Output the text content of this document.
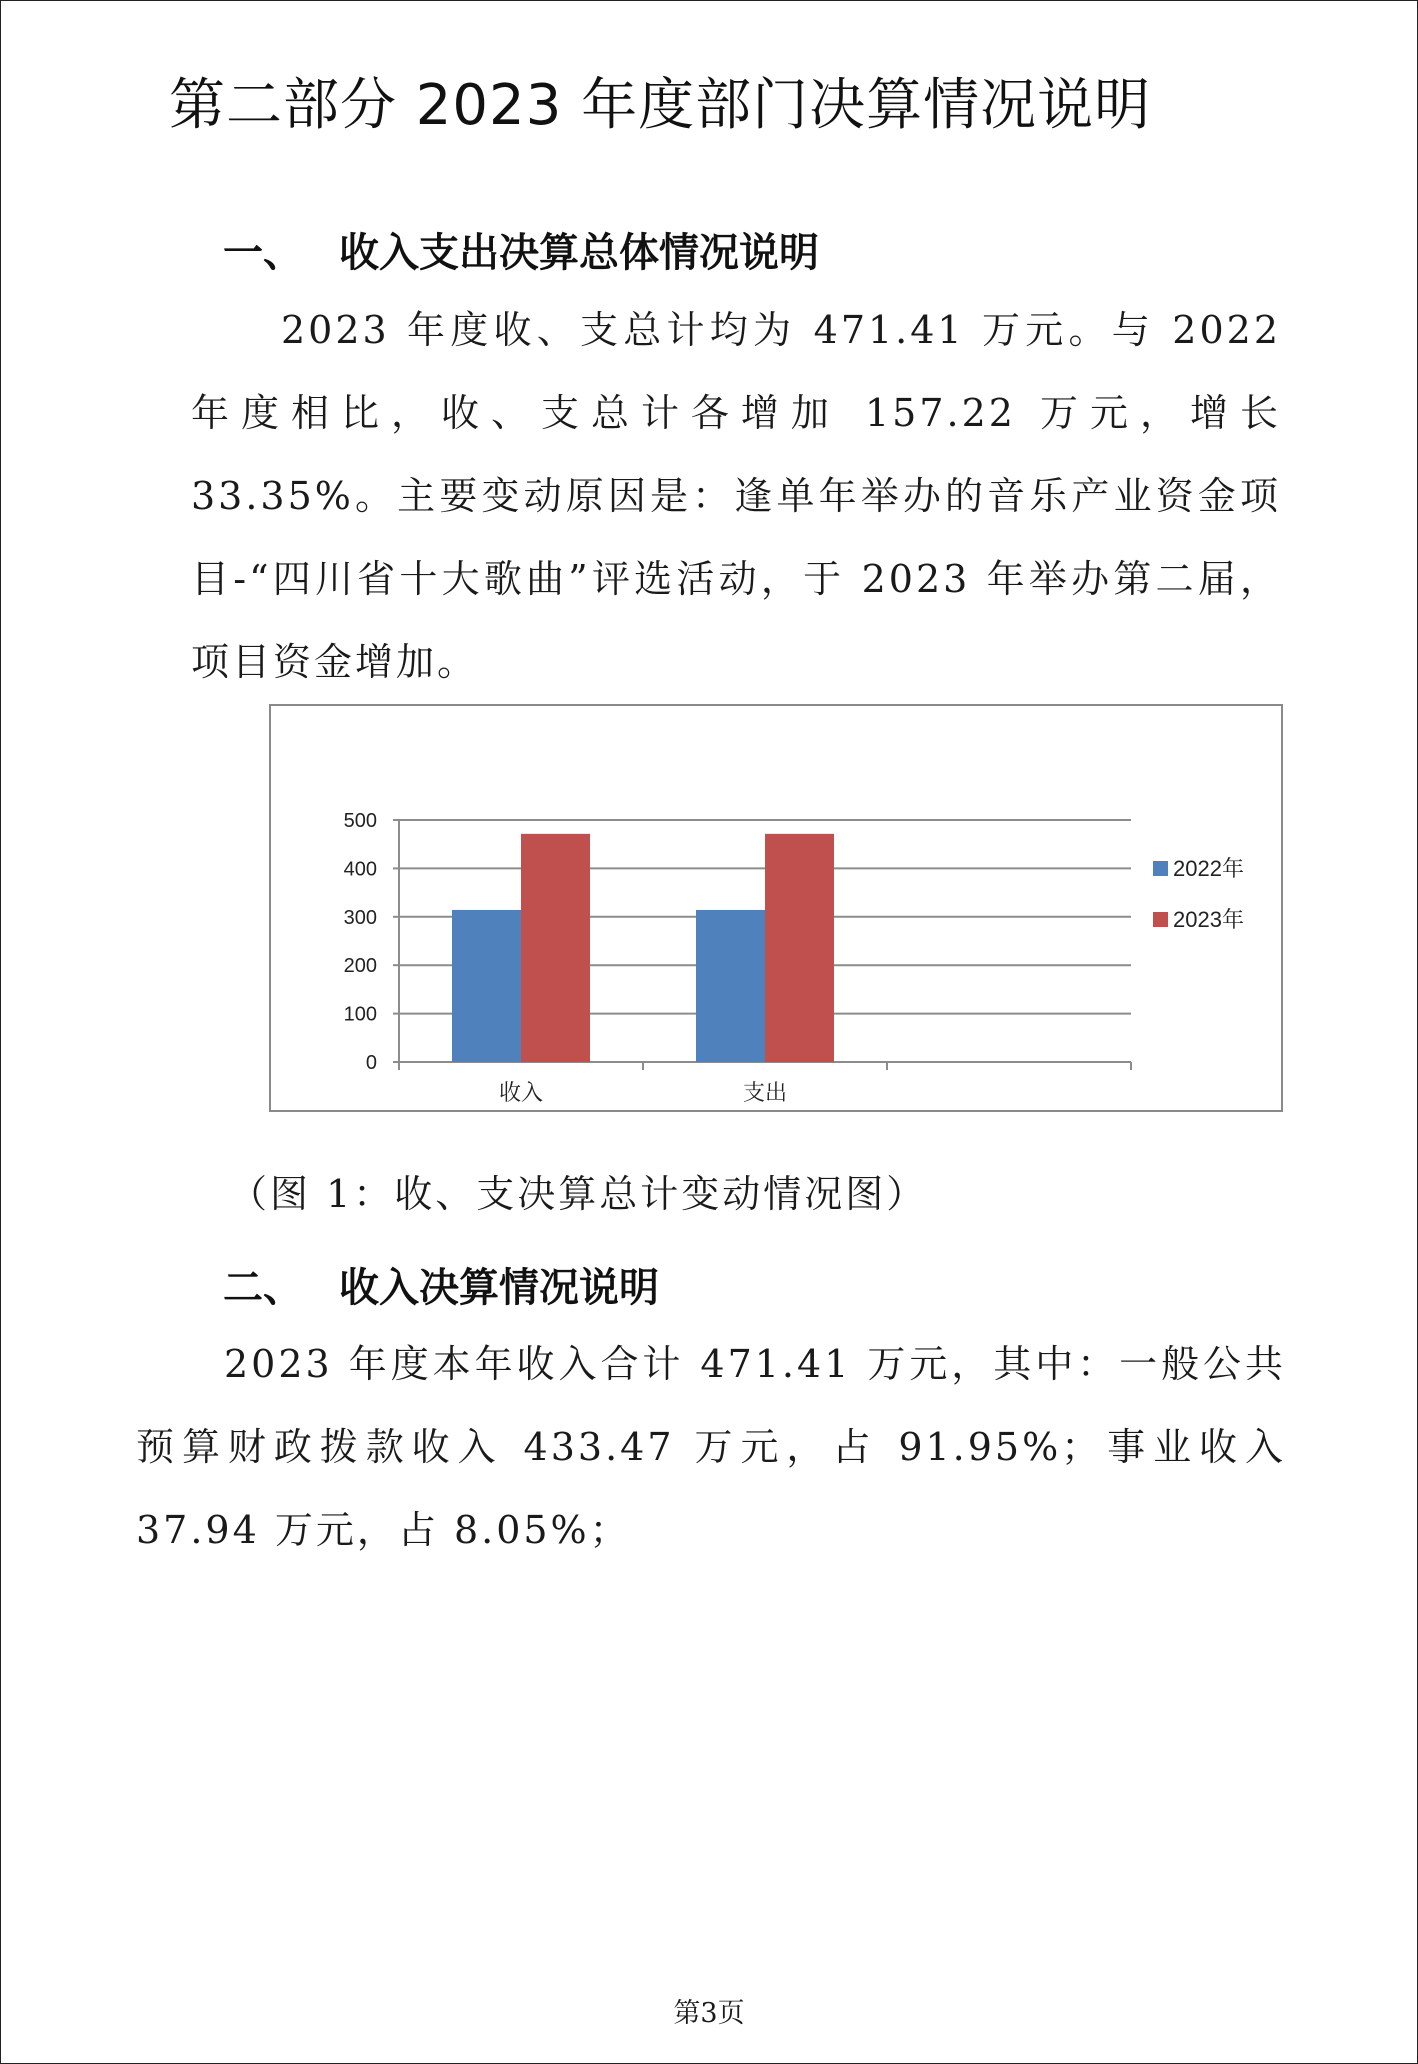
第二部分 2023 年度部门决算情况说明
一、 收入支出决算总体情况说明
2023 年度收、支总计均为 471.41 万元。与 2022 年度相比，收、支总计各增加 157.22 万元，增长 33.35%。主要变动原因是：逢单年举办的音乐产业资金项目-“四川省十大歌曲”评选活动，于 2023 年举办第二届，项目资金增加。
0
100
200
300
400
500
收入	支出
2022年
2023年
（图 1：收、支决算总计变动情况图）
二、 收入决算情况说明
2023 年度本年收入合计 471.41 万元，其中：一般公共预算财政拨款收入 433.47 万元，占 91.95%；事业收入 37.94 万元，占 8.05%；
第3页
